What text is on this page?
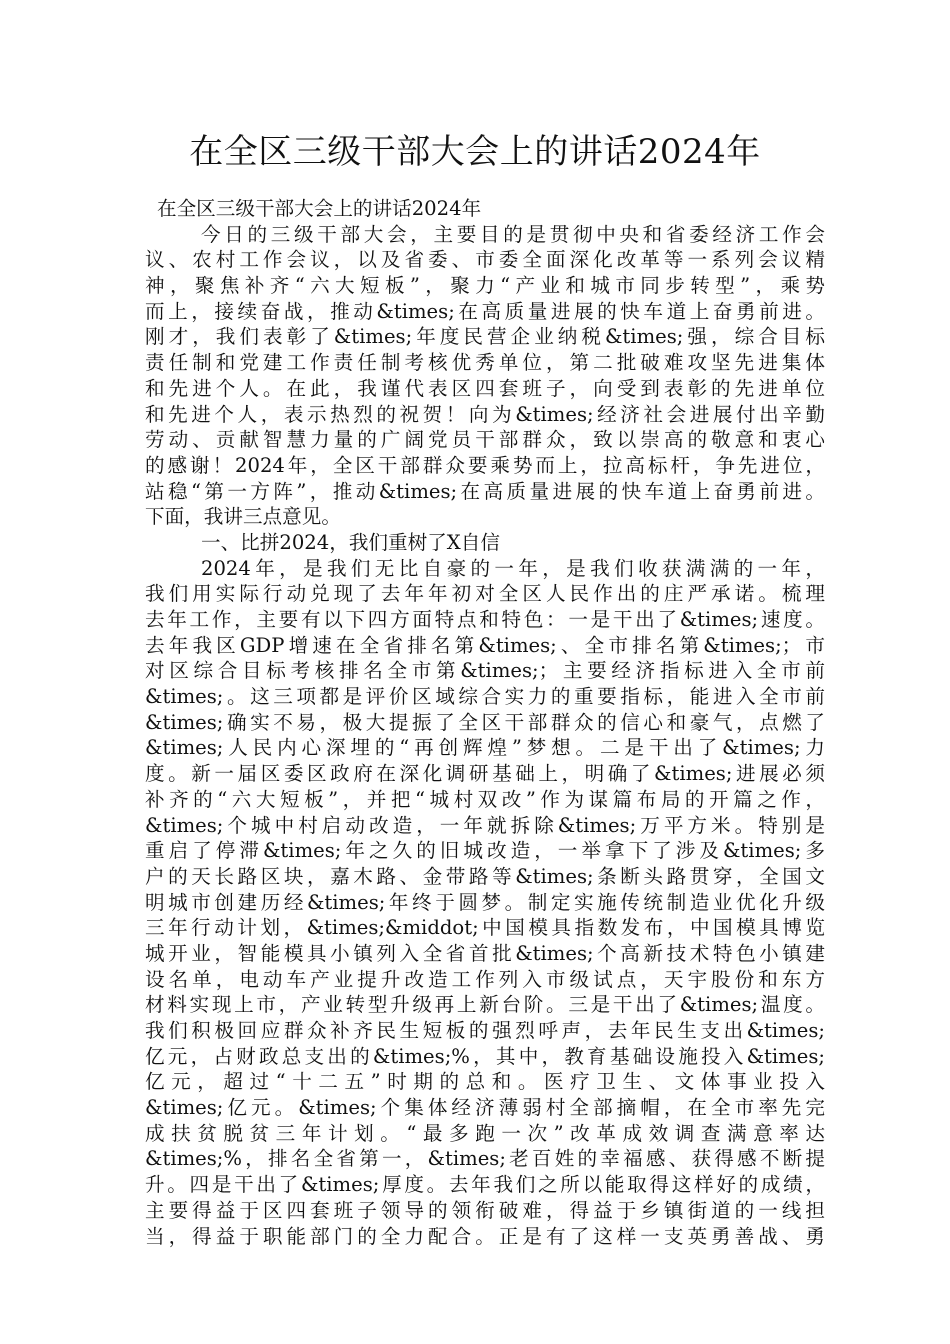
在全区三级干部大会上的讲话2024年
在全区三级干部大会上的讲话2024年
今日的三级干部大会，主要目的是贯彻中央和省委经济工作会
议、农村工作会议，以及省委、市委全面深化改革等一系列会议精
神，聚焦补齐“六大短板”，聚力“产业和城市同步转型”，乘势
而上，接续奋战，推动&times;在高质量进展的快车道上奋勇前进。
刚才，我们表彰了&times;年度民营企业纳税&times;强，综合目标
责任制和党建工作责任制考核优秀单位，第二批破难攻坚先进集体
和先进个人。在此，我谨代表区四套班子，向受到表彰的先进单位
和先进个人，表示热烈的祝贺！向为&times;经济社会进展付出辛勤
劳动、贡献智慧力量的广阔党员干部群众，致以崇高的敬意和衷心
的感谢！2024年，全区干部群众要乘势而上，拉高标杆，争先进位，
站稳“第一方阵”，推动&times;在高质量进展的快车道上奋勇前进。
下面，我讲三点意见。
一、比拼2024，我们重树了X自信
2024年，是我们无比自豪的一年，是我们收获满满的一年，
我们用实际行动兑现了去年年初对全区人民作出的庄严承诺。梳理
去年工作，主要有以下四方面特点和特色：一是干出了&times;速度。
去年我区GDP增速在全省排名第&times;、全市排名第&times;；市
对区综合目标考核排名全市第&times;；主要经济指标进入全市前
&times;。这三项都是评价区域综合实力的重要指标，能进入全市前
&times;确实不易，极大提振了全区干部群众的信心和豪气，点燃了
&times;人民内心深埋的“再创辉煌”梦想。二是干出了&times;力
度。新一届区委区政府在深化调研基础上，明确了&times;进展必须
补齐的“六大短板”，并把“城村双改”作为谋篇布局的开篇之作，
&times;个城中村启动改造，一年就拆除&times;万平方米。特别是
重启了停滞&times;年之久的旧城改造，一举拿下了涉及&times;多
户的天长路区块，嘉木路、金带路等&times;条断头路贯穿，全国文
明城市创建历经&times;年终于圆梦。制定实施传统制造业优化升级
三年行动计划，&times;&middot;中国模具指数发布，中国模具博览
城开业，智能模具小镇列入全省首批&times;个高新技术特色小镇建
设名单，电动车产业提升改造工作列入市级试点，天宇股份和东方
材料实现上市，产业转型升级再上新台阶。三是干出了&times;温度。
我们积极回应群众补齐民生短板的强烈呼声，去年民生支出&times;
亿元，占财政总支出的&times;%，其中，教育基础设施投入&times;
亿元，超过“十二五”时期的总和。医疗卫生、文体事业投入
&times;亿元。&times;个集体经济薄弱村全部摘帽，在全市率先完
成扶贫脱贫三年计划。“最多跑一次”改革成效调查满意率达
&times;%，排名全省第一，&times;老百姓的幸福感、获得感不断提
升。四是干出了&times;厚度。去年我们之所以能取得这样好的成绩，
主要得益于区四套班子领导的领衔破难，得益于乡镇街道的一线担
当，得益于职能部门的全力配合。正是有了这样一支英勇善战、勇
